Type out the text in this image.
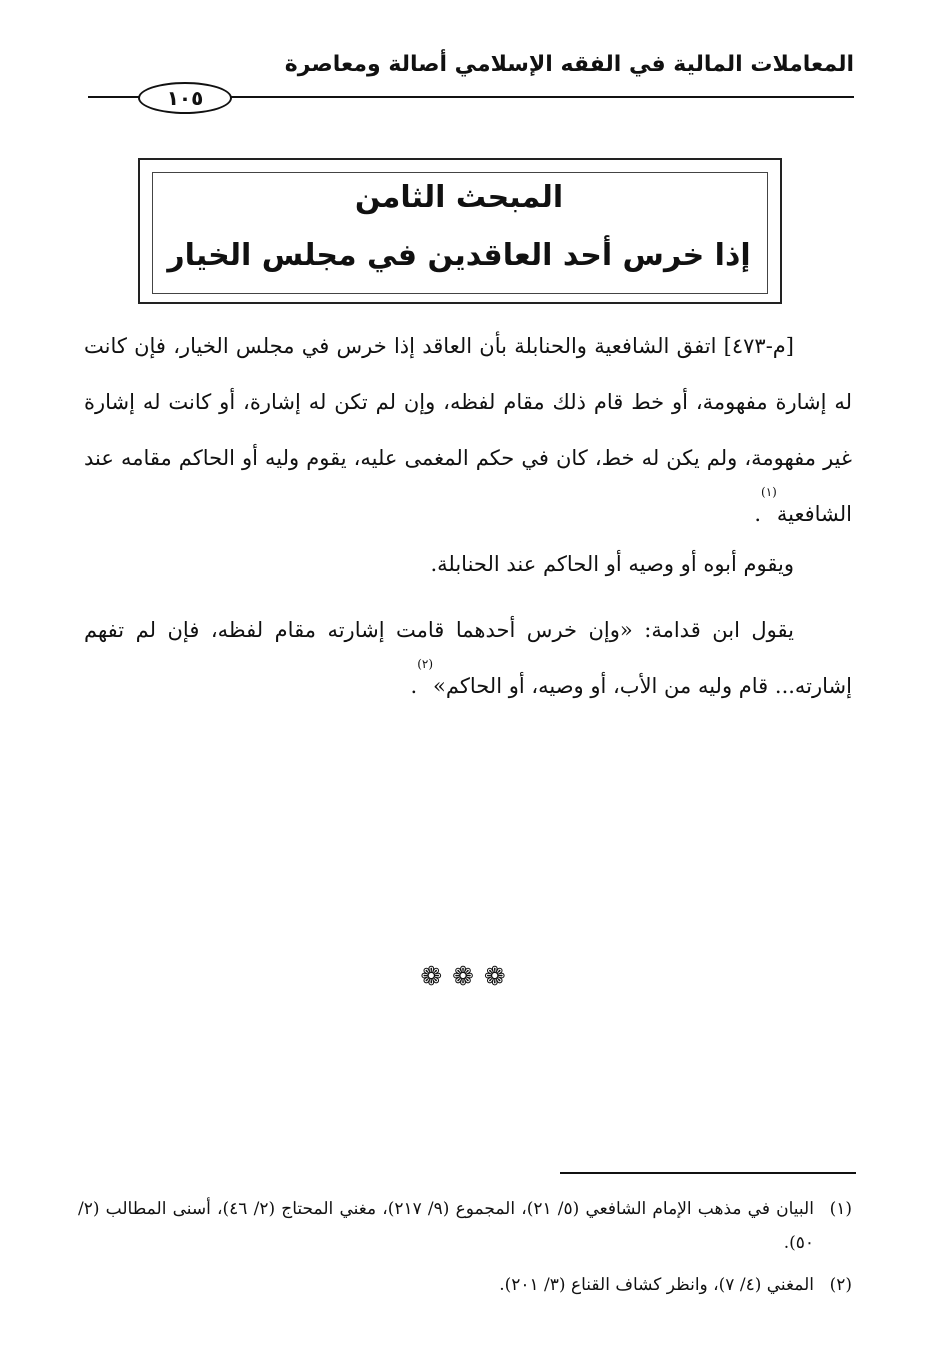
المعاملات المالية في الفقه الإسلامي أصالة ومعاصرة
١٠٥
المبحث الثامن
إذا خرس أحد العاقدين في مجلس الخيار

[م-٤٧٣] اتفق الشافعية والحنابلة بأن العاقد إذا خرس في مجلس الخيار، فإن كانت له إشارة مفهومة، أو خط قام ذلك مقام لفظه، وإن لم تكن له إشارة، أو كانت له إشارة غير مفهومة، ولم يكن له خط، كان في حكم المغمى عليه، يقوم وليه أو الحاكم مقامه عند الشافعية$^{(١)}$.

ويقوم أبوه أو وصيه أو الحاكم عند الحنابلة.

يقول ابن قدامة: «وإن خرس أحدهما قامت إشارته مقام لفظه، فإن لم تفهم إشارته... قام وليه من الأب، أو وصيه، أو الحاكم»$^{(٢)}$.

❁❁❁
(١)
البيان في مذهب الإمام الشافعي (٥/ ٢١)، المجموع (٩/ ٢١٧)، مغني المحتاج (٢/ ٤٦)، أسنى المطالب (٢/ ٥٠).
(٢)
المغني (٤/ ٧)، وانظر كشاف القناع (٣/ ٢٠١).
